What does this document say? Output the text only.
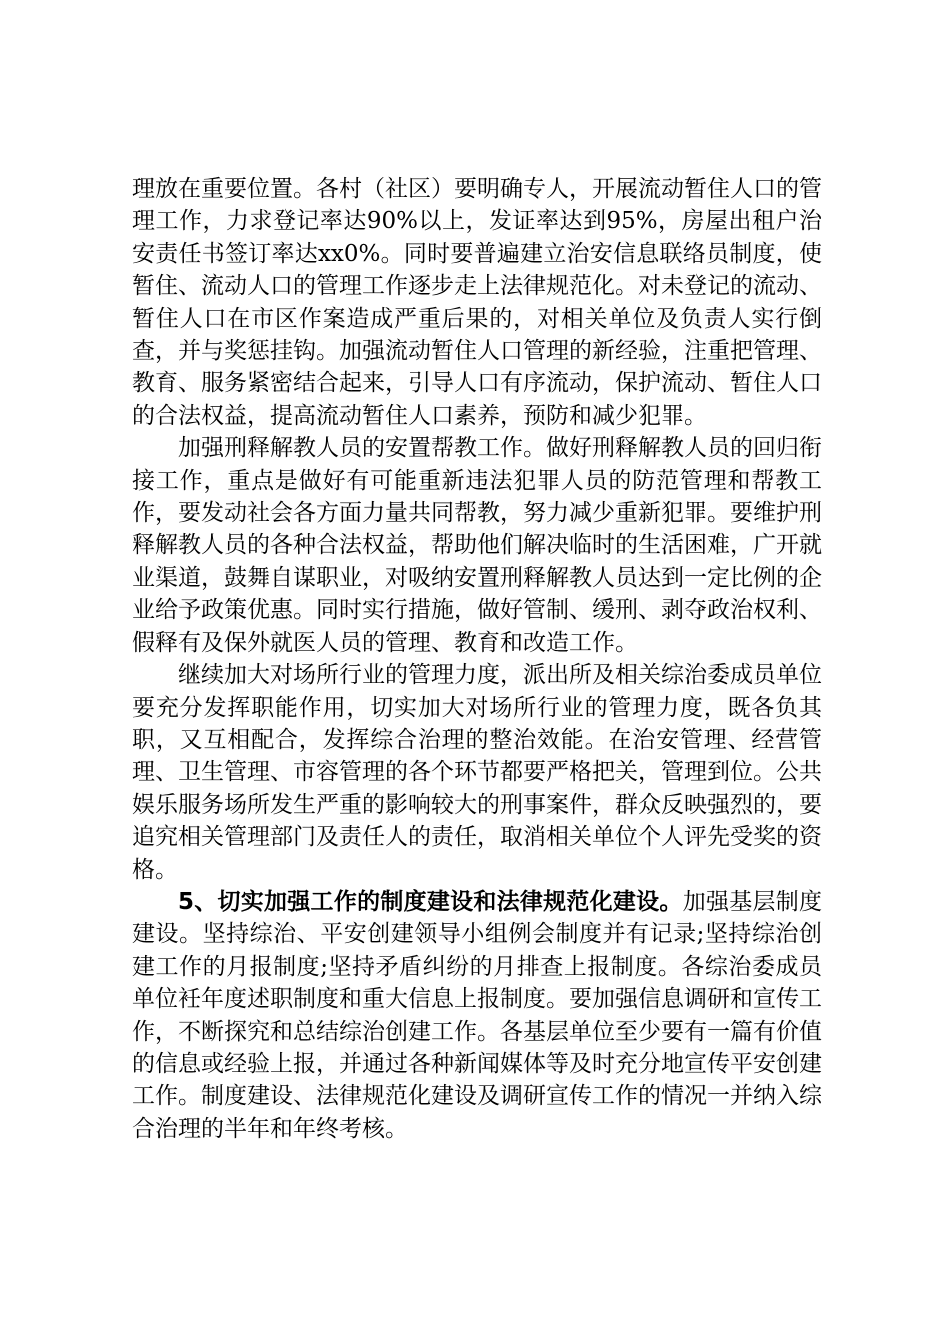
理放在重要位置。各村（社区）要明确专人，开展流动暂住人口的管理工作，力求登记率达90%以上，发证率达到95%，房屋出租户治安责任书签订率达xx0%。同时要普遍建立治安信息联络员制度，使暂住、流动人口的管理工作逐步走上法律规范化。对未登记的流动、暂住人口在市区作案造成严重后果的，对相关单位及负责人实行倒查，并与奖惩挂钩。加强流动暂住人口管理的新经验，注重把管理、教育、服务紧密结合起来，引导人口有序流动，保护流动、暂住人口的合法权益，提高流动暂住人口素养，预防和减少犯罪。

加强刑释解教人员的安置帮教工作。做好刑释解教人员的回归衔接工作，重点是做好有可能重新违法犯罪人员的防范管理和帮教工作，要发动社会各方面力量共同帮教，努力减少重新犯罪。要维护刑释解教人员的各种合法权益，帮助他们解决临时的生活困难，广开就业渠道，鼓舞自谋职业，对吸纳安置刑释解教人员达到一定比例的企业给予政策优惠。同时实行措施，做好管制、缓刑、剥夺政治权利、假释有及保外就医人员的管理、教育和改造工作。

继续加大对场所行业的管理力度，派出所及相关综治委成员单位要充分发挥职能作用，切实加大对场所行业的管理力度，既各负其职，又互相配合，发挥综合治理的整治效能。在治安管理、经营管理、卫生管理、市容管理的各个环节都要严格把关，管理到位。公共娱乐服务场所发生严重的影响较大的刑事案件，群众反映强烈的，要追究相关管理部门及责任人的责任，取消相关单位个人评先受奖的资格。

5、切实加强工作的制度建设和法律规范化建设。加强基层制度建设。坚持综治、平安创建领导小组例会制度并有记录;坚持综治创建工作的月报制度;坚持矛盾纠纷的月排查上报制度。各综治委成员单位衽年度述职制度和重大信息上报制度。要加强信息调研和宣传工作，不断探究和总结综治创建工作。各基层单位至少要有一篇有价值的信息或经验上报，并通过各种新闻媒体等及时充分地宣传平安创建工作。制度建设、法律规范化建设及调研宣传工作的情况一并纳入综合治理的半年和年终考核。
